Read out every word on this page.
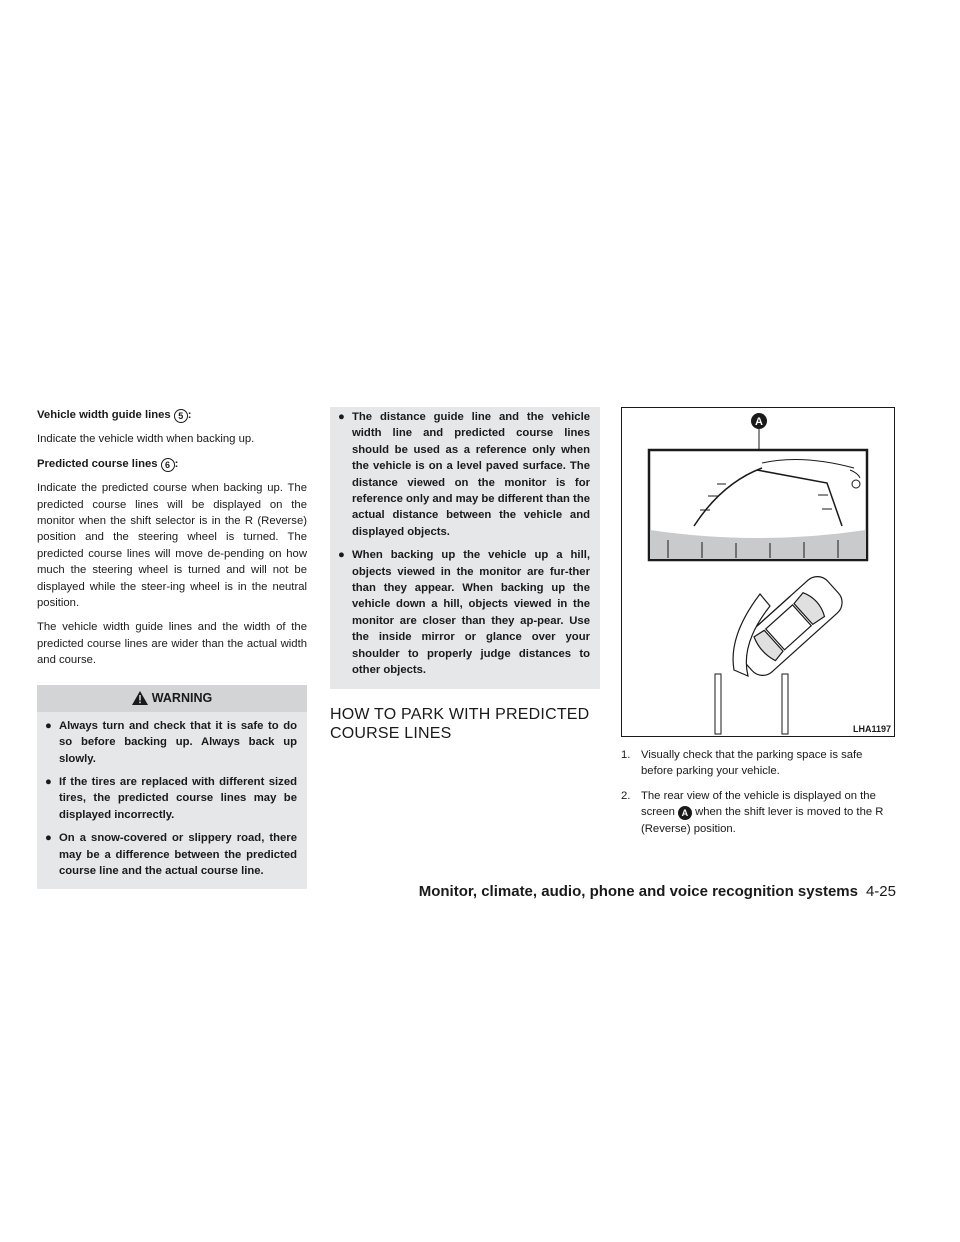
Vehicle width guide lines 5 :

Indicate the vehicle width when backing up.

Predicted course lines 6 :

Indicate the predicted course when backing up. The predicted course lines will be displayed on the monitor when the shift selector is in the R (Reverse) position and the steering wheel is turned. The predicted course lines will move de-pending on how much the steering wheel is turned and will not be displayed while the steer-ing wheel is in the neutral position.

The vehicle width guide lines and the width of the predicted course lines are wider than the actual width and course.

WARNING
● Always turn and check that it is safe to do so before backing up. Always back up slowly.
● If the tires are replaced with different sized tires, the predicted course lines may be displayed incorrectly.
● On a snow-covered or slippery road, there may be a difference between the predicted course line and the actual course line.
● The distance guide line and the vehicle width line and predicted course lines should be used as a reference only when the vehicle is on a level paved surface. The distance viewed on the monitor is for reference only and may be different than the actual distance between the vehicle and displayed objects.
● When backing up the vehicle up a hill, objects viewed in the monitor are fur-ther than they appear. When backing up the vehicle down a hill, objects viewed in the monitor are closer than they ap-pear. Use the inside mirror or glance over your shoulder to properly judge distances to other objects.

HOW TO PARK WITH PREDICTED COURSE LINES

A
LHA1197
1. Visually check that the parking space is safe before parking your vehicle.
2. The rear view of the vehicle is displayed on the screen A when the shift lever is moved to the R (Reverse) position.
Monitor, climate, audio, phone and voice recognition systems 4-25
